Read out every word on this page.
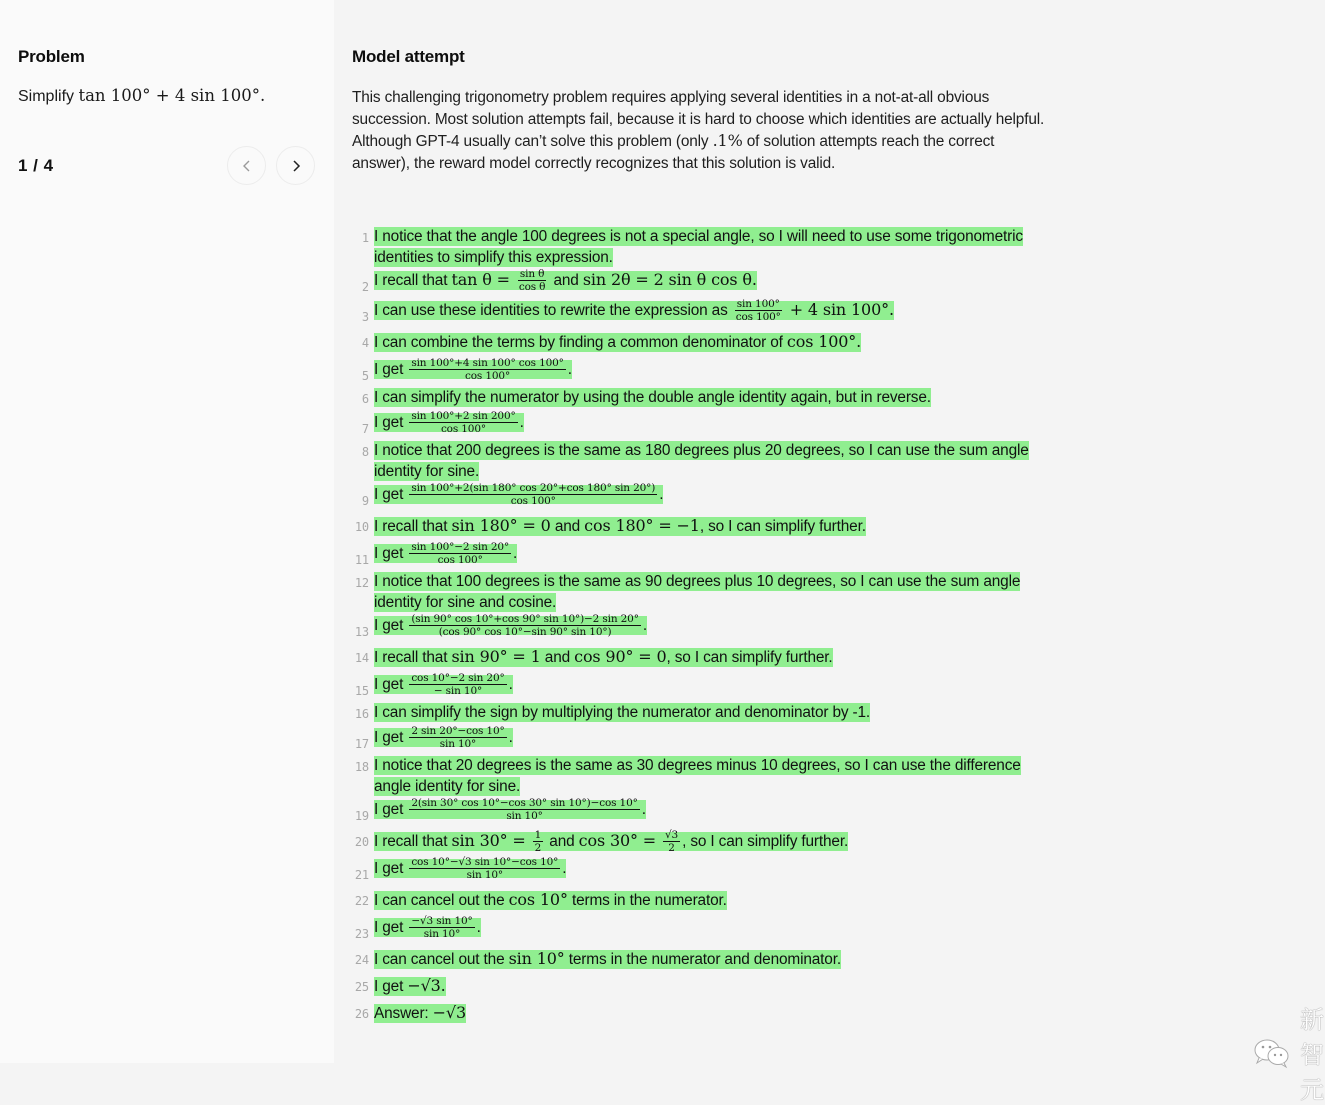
Problem
Simplify tan 100° + 4 sin 100°.
1 / 4
Model attempt
This challenging trigonometry problem requires applying several identities in a not-at-all obvious succession. Most solution attempts fail, because it is hard to choose which identities are actually helpful. Although GPT-4 usually can’t solve this problem (only .1% of solution attempts reach the correct answer), the reward model correctly recognizes that this solution is valid.
1 I notice that the angle 100 degrees is not a special angle, so I will need to use some trigonometric identities to simplify this expression.
2 I recall that $\tan \theta = \frac{\text{sin θ}}{\text{cos θ}}$ and sin 2θ = 2 sin θ cos θ.
3 I can use these identities to rewrite the expression as $\frac{\sin 100^\circ}{\cos 100^\circ} + 4$ sin 100°.
4 I can combine the terms by finding a common denominator of cos 100°.
5 I get $\frac{\sin 100^\circ+4 \sin 100^\circ \cos 100^\circ}{\cos 100^\circ}$ .
6 I can simplify the numerator by using the double angle identity again, but in reverse.
7 I get $\frac{\sin 100^\circ+2 \sin 200^\circ}{\cos 100^\circ}$ .
8 I notice that 200 degrees is the same as 180 degrees plus 20 degrees, so I can use the sum angle identity for sine.
9 I get $\frac{\sin 100^\circ+2(\sin 180^\circ \cos 20^\circ+\cos 180^\circ \sin 20^\circ)}{\cos 100^\circ}$ .
10 I recall that sin 180° = 0 and cos 180° = −1, so I can simplify further.
11 I get $\frac{\sin 100^\circ-2 \sin 20^\circ}{\cos 100^\circ}$ .
12 I notice that 100 degrees is the same as 90 degrees plus 10 degrees, so I can use the sum angle identity for sine and cosine.
13 I get $\frac{(\sin 90^\circ \cos 10^\circ+\cos 90^\circ \sin 10^\circ)-2 \sin 20^\circ}{(\cos 90^\circ \cos 10^\circ-\sin 90^\circ \sin 10^\circ)}$ .
14 I recall that sin 90° = 1 and cos 90° = 0, so I can simplify further.
15 I get $\frac{\cos 10^\circ-2 \sin 20^\circ}{- \sin 10^\circ}$ .
16 I can simplify the sign by multiplying the numerator and denominator by -1.
17 I get $\frac{2 \sin 20^\circ-\cos 10^\circ}{\sin 10^\circ}$ .
18 I notice that 20 degrees is the same as 30 degrees minus 10 degrees, so I can use the difference angle identity for sine.
19 I get $\frac{2(\sin 30^\circ \cos 10^\circ-\cos 30^\circ \sin 10^\circ)-\cos 10^\circ}{\sin 10^\circ}$ .
20 I recall that $\sin 30^\circ = \frac{1}{2}$ and $\cos 30^\circ = \frac{√3}{2}$ , so I can simplify further.
21 I get $\frac{\cos 10^\circ-√3 \sin 10^\circ-\cos 10^\circ}{\sin 10^\circ}$ .
22 I can cancel out the cos 10° terms in the numerator.
23 I get $\frac{-√3 \sin 10^\circ}{\sin 10^\circ}$ .
24 I can cancel out the sin 10° terms in the numerator and denominator.
25 I get −√3.
26 Answer: −√3	新智元
